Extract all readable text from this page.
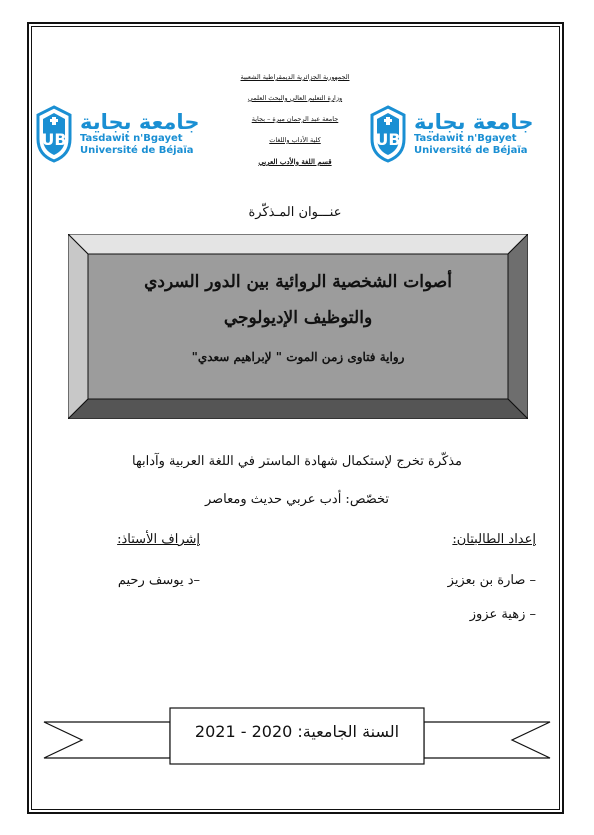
UB
جامعة بجاية
Tasdawit n'Bgayet
Université de Béjaïa
UB
جامعة بجاية
Tasdawit n'Bgayet
Université de Béjaïa
الجمهورية الجزائرية الديمقراطية الشعبية
وزارة التعليم العالي والبحث العلمي
جامعة عبد الرحمان ميرة – بجاية
كلية الأداب واللغات
قسم اللغة والأدب العربي
عنـــوان المـذكّرة
أصوات الشخصية الروائية بين الدور السردي والتوظيف الإديولوجي
رواية فتاوى زمن الموت " لإبراهيم سعدي"
مذكّرة تخرج لإستكمال شهادة الماستر في اللغة العربية وآدابها
تخصّص: أدب عربي حديث ومعاصر
إعداد الطالبتان:
– صارة بن بعزيز
– زهية عزوز
إشراف الأستاذ:
–د يوسف رحيم
السنة الجامعية: 2020 - 2021
